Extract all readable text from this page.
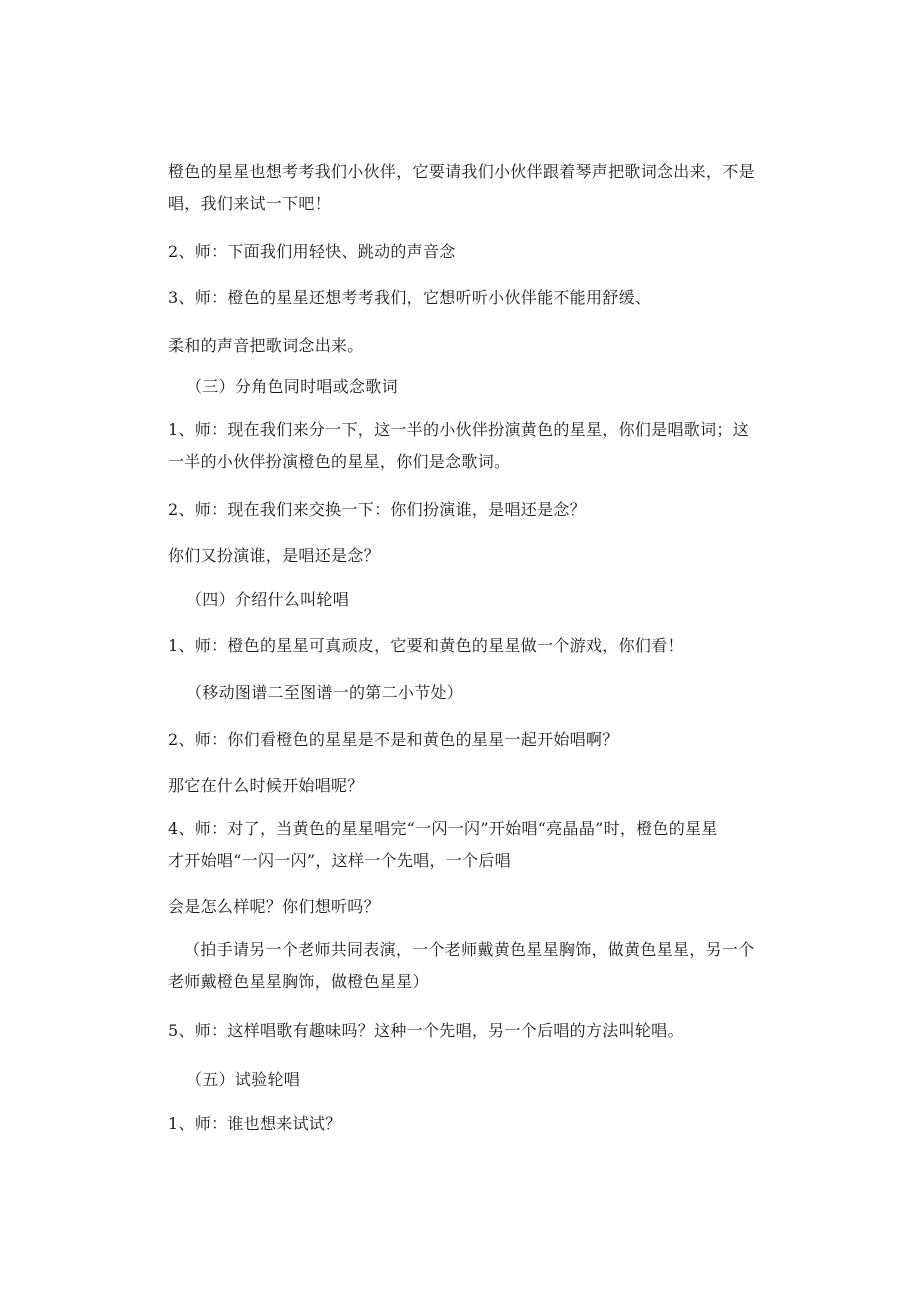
橙色的星星也想考考我们小伙伴，它要请我们小伙伴跟着琴声把歌词念出来，不是
唱，我们来试一下吧！
2、师：下面我们用轻快、跳动的声音念
3、师：橙色的星星还想考考我们，它想听听小伙伴能不能用舒缓、
柔和的声音把歌词念出来。
（三）分角色同时唱或念歌词
1、师：现在我们来分一下，这一半的小伙伴扮演黄色的星星，你们是唱歌词；这
一半的小伙伴扮演橙色的星星，你们是念歌词。
2、师：现在我们来交换一下：你们扮演谁，是唱还是念？
你们又扮演谁，是唱还是念？
（四）介绍什么叫轮唱
1、师：橙色的星星可真顽皮，它要和黄色的星星做一个游戏，你们看！
（移动图谱二至图谱一的第二小节处）
2、师：你们看橙色的星星是不是和黄色的星星一起开始唱啊？
那它在什么时候开始唱呢？
4、师：对了，当黄色的星星唱完“一闪一闪”开始唱“亮晶晶”时，橙色的星星
才开始唱“一闪一闪”，这样一个先唱，一个后唱
会是怎么样呢？你们想听吗？
（拍手请另一个老师共同表演，一个老师戴黄色星星胸饰，做黄色星星，另一个
老师戴橙色星星胸饰，做橙色星星）
5、师：这样唱歌有趣味吗？这种一个先唱，另一个后唱的方法叫轮唱。
（五）试验轮唱
1、师：谁也想来试试？
